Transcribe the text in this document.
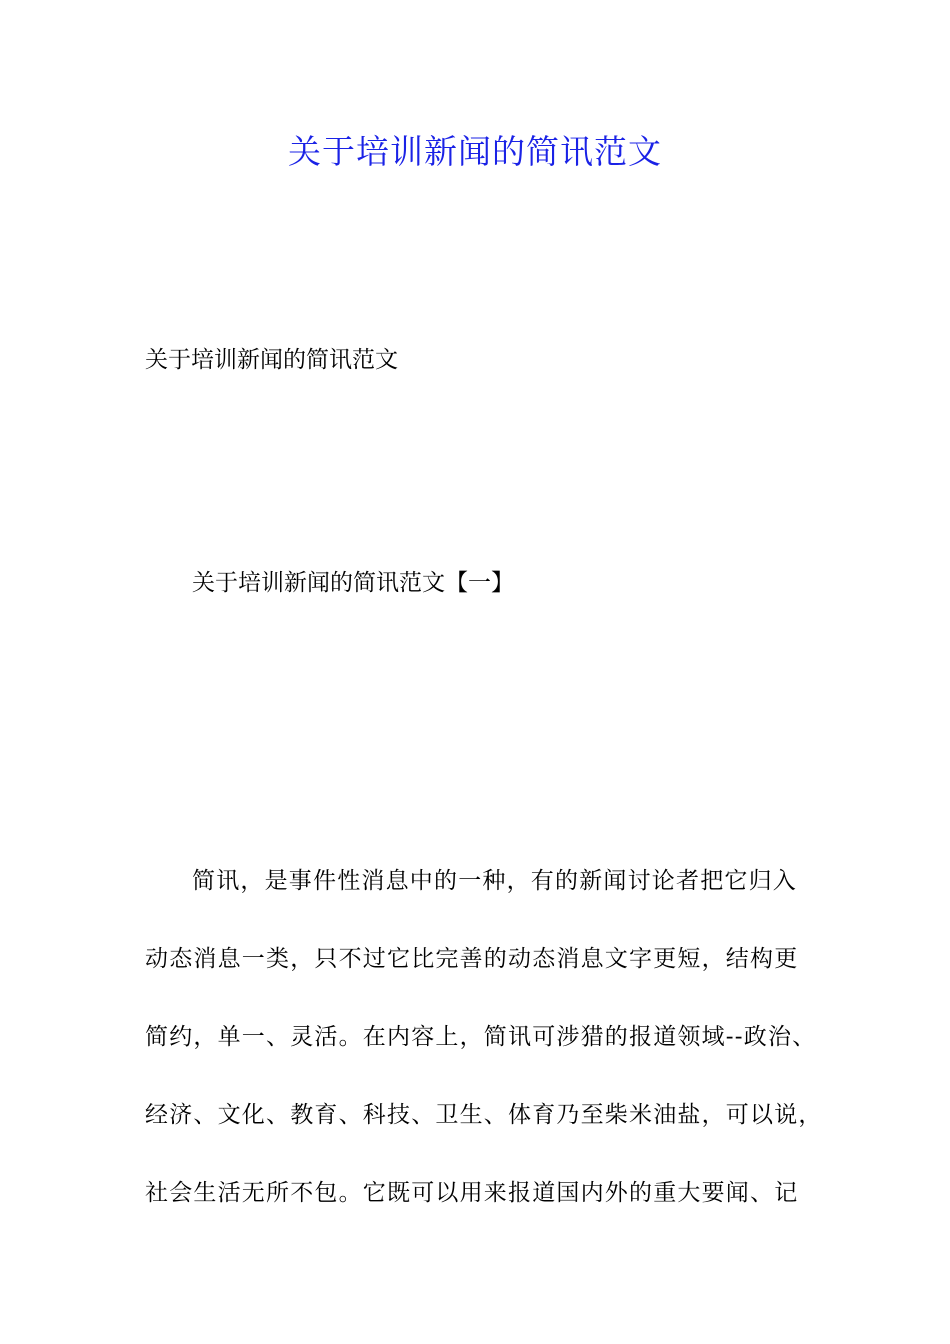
关于培训新闻的简讯范文

关于培训新闻的简讯范文

关于培训新闻的简讯范文【一】

简讯，是事件性消息中的一种，有的新闻讨论者把它归入
动态消息一类，只不过它比完善的动态消息文字更短，结构更
简约，单一、灵活。在内容上，简讯可涉猎的报道领域--政治、
经济、文化、教育、科技、卫生、体育乃至柴米油盐，可以说，
社会生活无所不包。它既可以用来报道国内外的重大要闻、记
